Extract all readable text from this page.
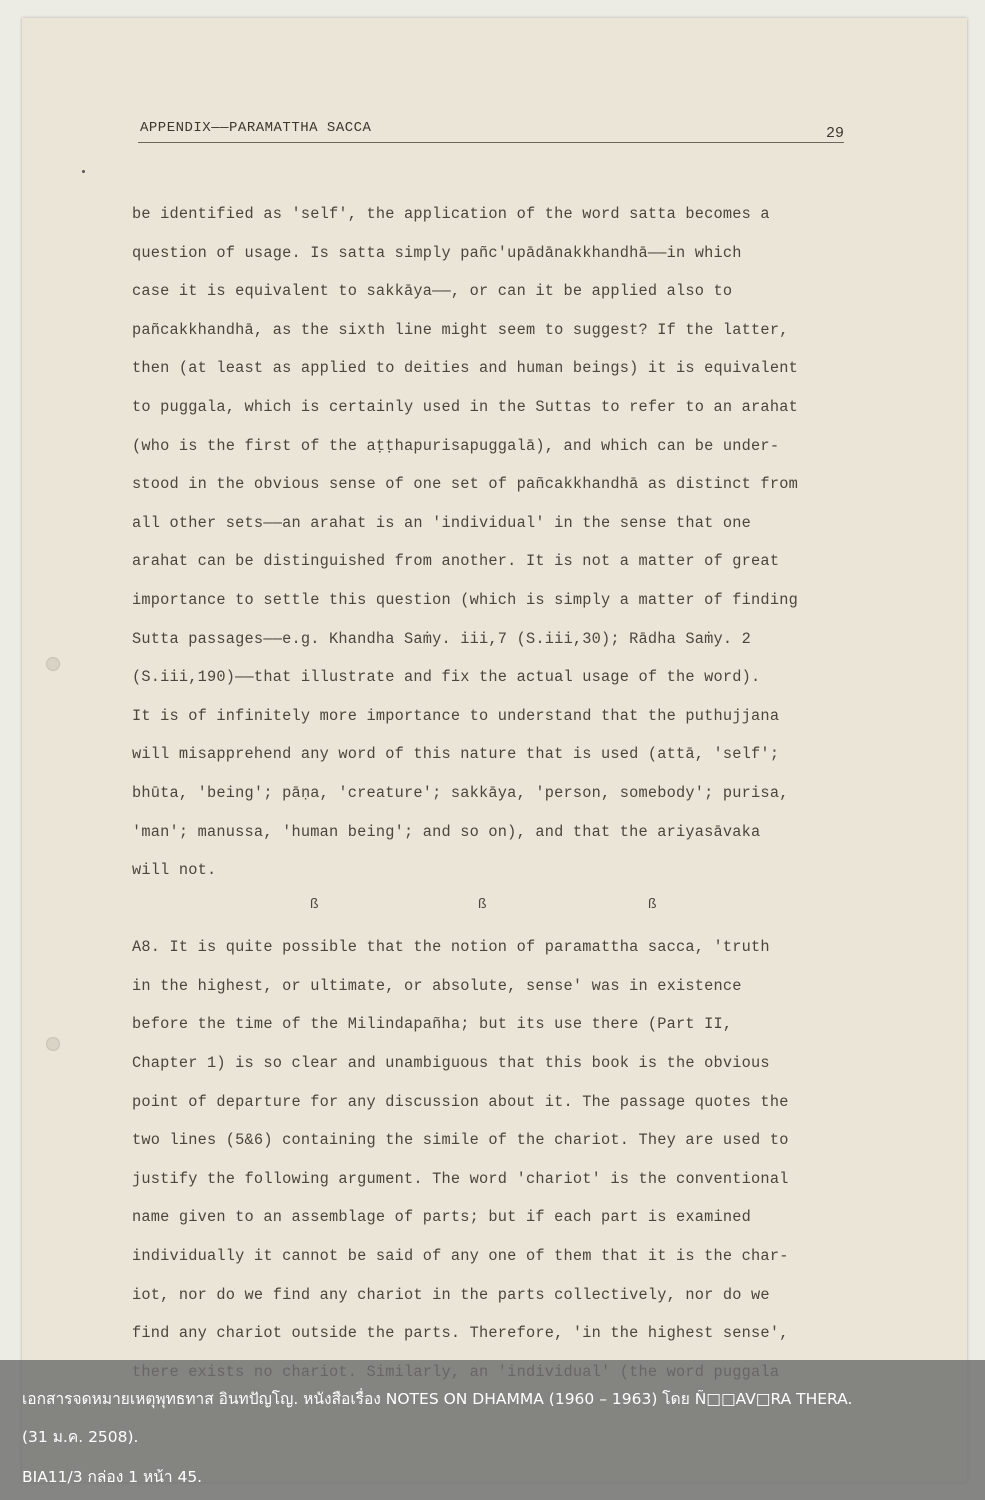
APPENDIX——PARAMATTHA SACCA	29
be identified as 'self', the application of the word satta becomes a
question of usage. Is satta simply pañc'upādānakkhandhā——in which
case it is equivalent to sakkāya——, or can it be applied also to
pañcakkhandhā, as the sixth line might seem to suggest? If the latter,
then (at least as applied to deities and human beings) it is equivalent
to puggala, which is certainly used in the Suttas to refer to an arahat
(who is the first of the aṭṭhapurisapuggalā), and which can be under-
stood in the obvious sense of one set of pañcakkhandhā as distinct from
all other sets——an arahat is an 'individual' in the sense that one
arahat can be distinguished from another. It is not a matter of great
importance to settle this question (which is simply a matter of finding
Sutta passages——e.g. Khandha Saṁy. iii,7 (S.iii,30); Rādha Saṁy. 2
(S.iii,190)——that illustrate and fix the actual usage of the word).
It is of infinitely more importance to understand that the puthujjana
will misapprehend any word of this nature that is used (attā, 'self';
bhūta, 'being'; pāṇa, 'creature'; sakkāya, 'person, somebody'; purisa,
'man'; manussa, 'human being'; and so on), and that the ariyasāvaka
will not.
A8. It is quite possible that the notion of paramattha sacca, 'truth
in the highest, or ultimate, or absolute, sense' was in existence
before the time of the Milindapañha; but its use there (Part II,
Chapter 1) is so clear and unambiguous that this book is the obvious
point of departure for any discussion about it. The passage quotes the
two lines (5&6) containing the simile of the chariot. They are used to
justify the following argument. The word 'chariot' is the conventional
name given to an assemblage of parts; but if each part is examined
individually it cannot be said of any one of them that it is the char-
iot, nor do we find any chariot in the parts collectively, nor do we
find any chariot outside the parts. Therefore, 'in the highest sense',
ß	ß	ß
เอกสารจดหมายเหตุพุทธทาส อินทปัญโญ. หนังสือเรื่อง NOTES ON DHAMMA (1960 – 1963) โดย Ñ□□AV□RA THERA.
(31 ม.ค. 2508).
BIA11/3 กล่อง 1 หน้า 45.
